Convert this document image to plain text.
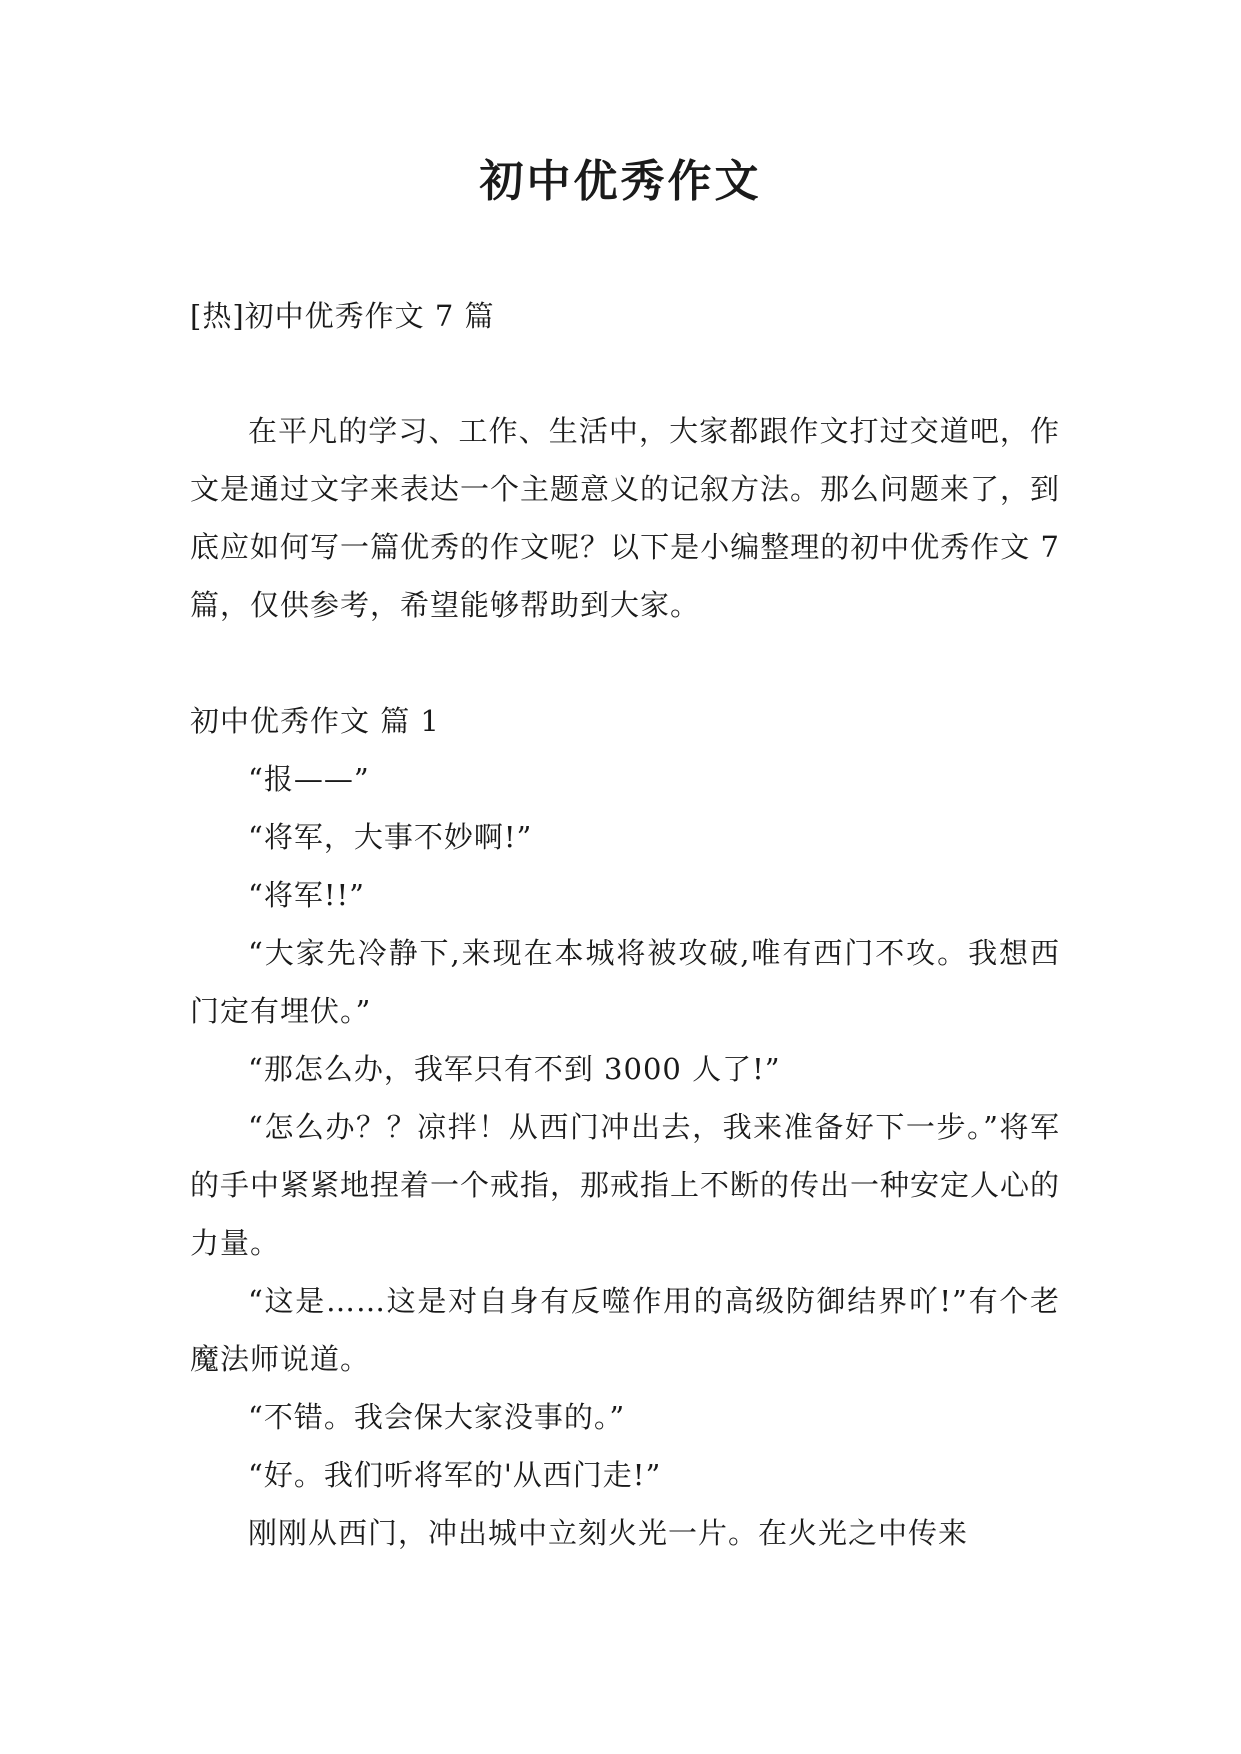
初中优秀作文
[热]初中优秀作文 7 篇
在平凡的学习、工作、生活中，大家都跟作文打过交道吧，作文是通过文字来表达一个主题意义的记叙方法。那么问题来了，到底应如何写一篇优秀的作文呢？以下是小编整理的初中优秀作文 7 篇，仅供参考，希望能够帮助到大家。

初中优秀作文 篇 1

“报——”

“将军，大事不妙啊!”

“将军!!”

“大家先冷静下,来现在本城将被攻破,唯有西门不攻。我想西门定有埋伏。”

“那怎么办，我军只有不到 3000 人了!”

“怎么办？？凉拌！从西门冲出去，我来准备好下一步。”将军的手中紧紧地捏着一个戒指，那戒指上不断的传出一种安定人心的力量。

“这是……这是对自身有反噬作用的高级防御结界吖!”有个老魔法师说道。

“不错。我会保大家没事的。”

“好。我们听将军的'从西门走!”

刚刚从西门，冲出城中立刻火光一片。在火光之中传来
